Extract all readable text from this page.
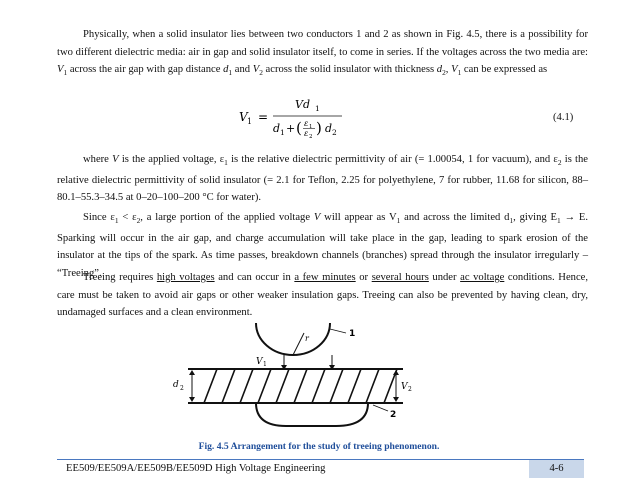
Physically, when a solid insulator lies between two conductors 1 and 2 as shown in Fig. 4.5, there is a possibility for two different dielectric media: air in gap and solid insulator itself, to come in series. If the voltages across the two media are: $V_1$ across the air gap with gap distance $d_1$ and $V_2$ across the solid insulator with thickness $d_2$, $V_1$ can be expressed as

V 1 =
Vd 1
d 1 + ( ε 1
ε 2 ) d 2
(4.1)

where V is the applied voltage, $\varepsilon_1$ is the relative dielectric permittivity of air (= 1.00054, 1 for vacuum), and $\varepsilon_2$ is the relative dielectric permittivity of solid insulator (= 2.1 for Teflon, 2.25 for polyethylene, 7 for rubber, 11.68 for silicon, 88–80.1–55.3–34.5 at 0–20–100–200 °C for water).

Since $\varepsilon_1 < \varepsilon_2$, a large portion of the applied voltage V will appear as $V_1$ and across the limited $d_1$, giving $E_1 \to E$. Sparking will occur in the air gap, and charge accumulation will take place in the gap, leading to spark erosion of the insulator at the tips of the spark. As time passes, breakdown channels (branches) spread through the insulator irregularly – “Treeing”.

Treeing requires high voltages and can occur in a few minutes or several hours under ac voltage conditions. Hence, care must be taken to avoid air gaps or other weaker insulation gaps. Treeing can also be prevented by having clean, dry, undamaged surfaces and a clean environment.

r	1
V 1
d 2	V 2
2
Fig. 4.5 Arrangement for the study of treeing phenomenon.
EE509/EE509A/EE509B/EE509D High Voltage Engineering	4-6
